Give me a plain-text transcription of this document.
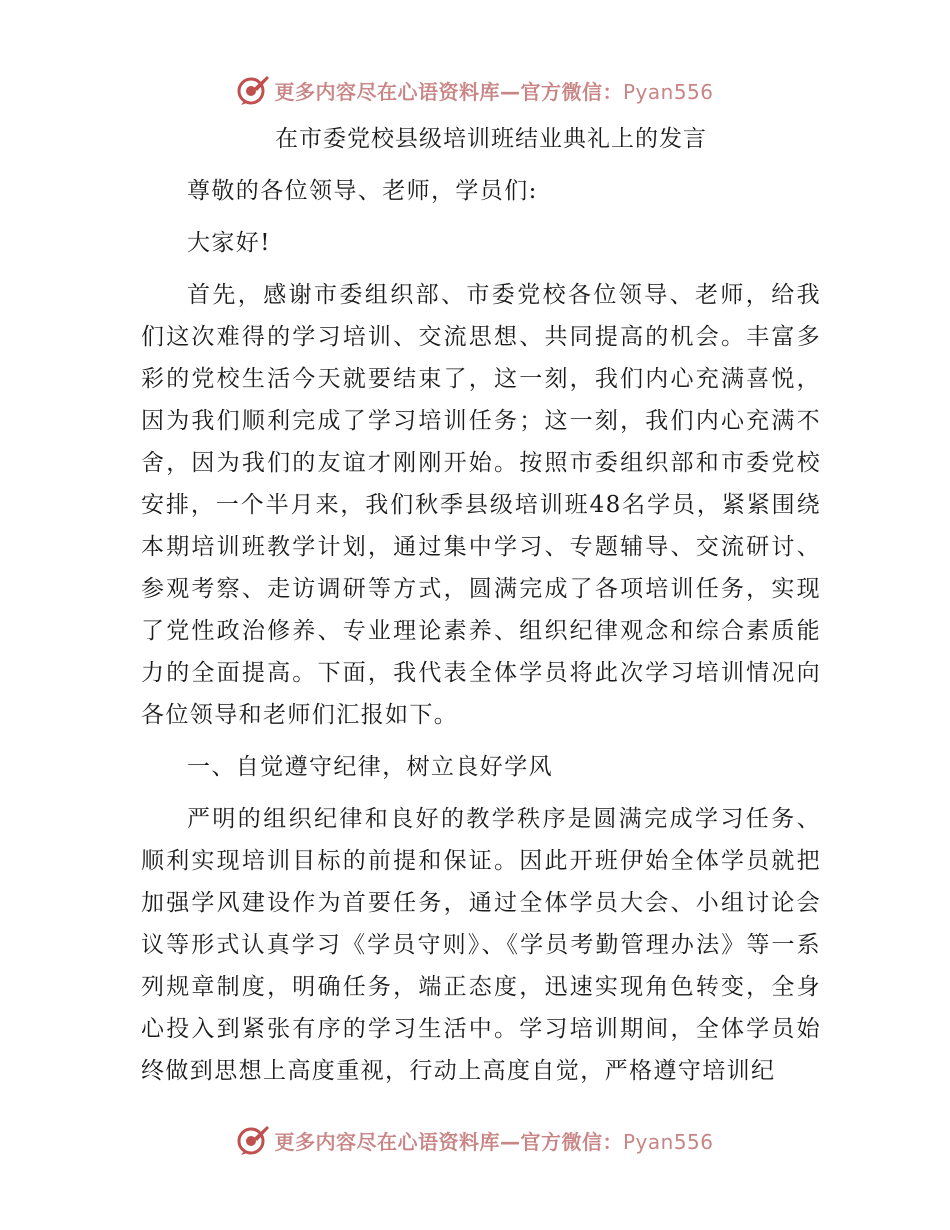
更多内容尽在心语资料库—官方微信：Pyan556
在市委党校县级培训班结业典礼上的发言

尊敬的各位领导、老师，学员们:

大家好!

首先，感谢市委组织部、市委党校各位领导、老师，给我们这次难得的学习培训、交流思想、共同提高的机会。丰富多彩的党校生活今天就要结束了，这一刻，我们内心充满喜悦，因为我们顺利完成了学习培训任务；这一刻，我们内心充满不舍，因为我们的友谊才刚刚开始。按照市委组织部和市委党校安排，一个半月来，我们秋季县级培训班48名学员，紧紧围绕本期培训班教学计划，通过集中学习、专题辅导、交流研讨、参观考察、走访调研等方式，圆满完成了各项培训任务，实现了党性政治修养、专业理论素养、组织纪律观念和综合素质能力的全面提高。下面，我代表全体学员将此次学习培训情况向各位领导和老师们汇报如下。

一、自觉遵守纪律，树立良好学风

严明的组织纪律和良好的教学秩序是圆满完成学习任务、顺利实现培训目标的前提和保证。因此开班伊始全体学员就把加强学风建设作为首要任务，通过全体学员大会、小组讨论会议等形式认真学习《学员守则》、《学员考勤管理办法》等一系列规章制度，明确任务，端正态度，迅速实现角色转变，全身心投入到紧张有序的学习生活中。学习培训期间，全体学员始终做到思想上高度重视，行动上高度自觉，严格遵守培训纪

更多内容尽在心语资料库—官方微信：Pyan556
